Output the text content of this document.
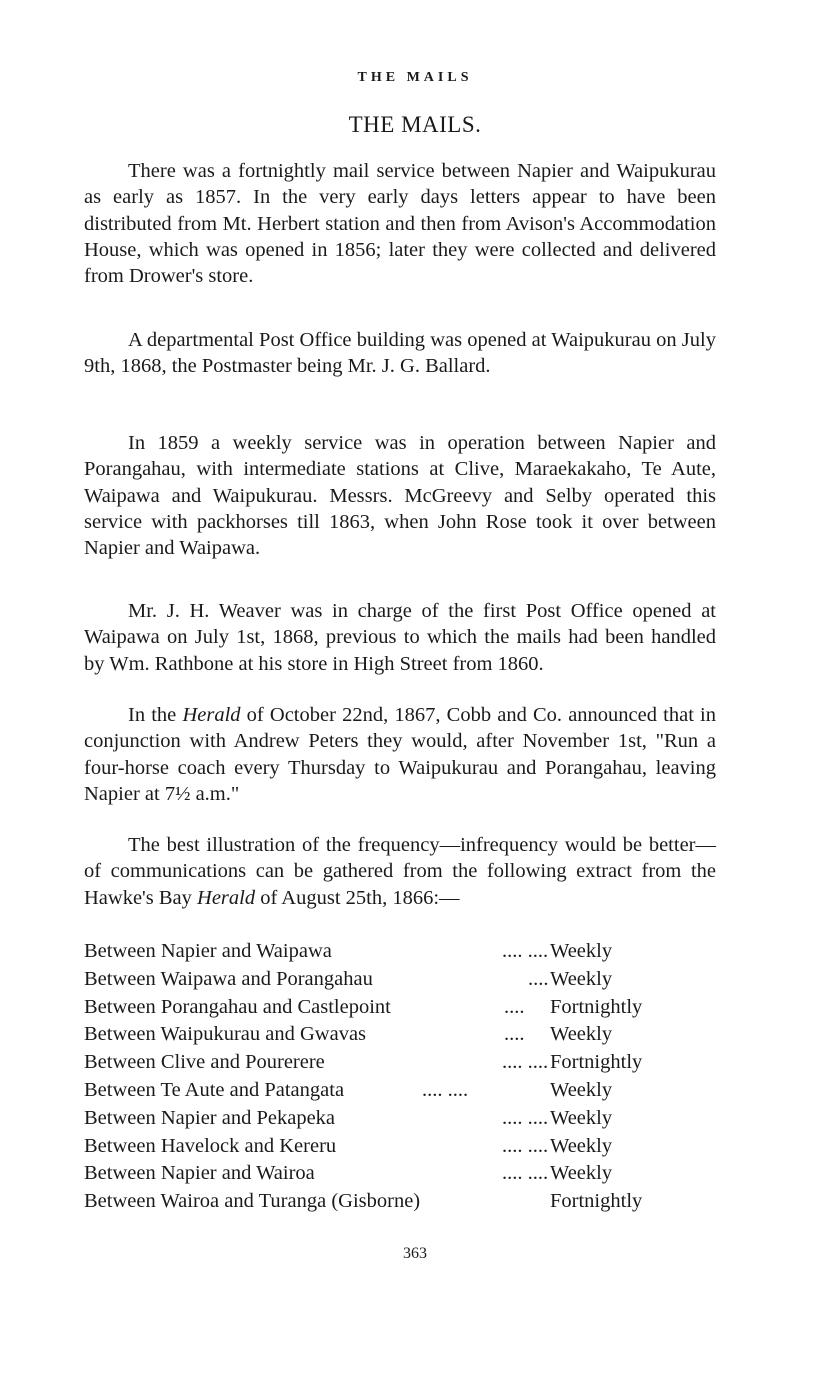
THE MAILS
THE MAILS.

There was a fortnightly mail service between Napier and Waipukurau as early as 1857. In the very early days letters appear to have been distributed from Mt. Herbert station and then from Avison's Accommodation House, which was opened in 1856; later they were collected and delivered from Drower's store.

A departmental Post Office building was opened at Waipukurau on July 9th, 1868, the Postmaster being Mr. J. G. Ballard.

In 1859 a weekly service was in operation between Napier and Porangahau, with intermediate stations at Clive, Maraekakaho, Te Aute, Waipawa and Waipukurau. Messrs. McGreevy and Selby operated this service with packhorses till 1863, when John Rose took it over between Napier and Waipawa.

Mr. J. H. Weaver was in charge of the first Post Office opened at Waipawa on July 1st, 1868, previous to which the mails had been handled by Wm. Rathbone at his store in High Street from 1860.

In the Herald of October 22nd, 1867, Cobb and Co. announced that in conjunction with Andrew Peters they would, after November 1st, "Run a four-horse coach every Thursday to Waipukurau and Porangahau, leaving Napier at 7½ a.m."

The best illustration of the frequency—infrequency would be better—of communications can be gathered from the following extract from the Hawke's Bay Herald of August 25th, 1866:—

Between Napier and Waipawa	.... .... Weekly
Between Waipawa and Porangahau	.... Weekly
Between Porangahau and Castlepoint	.... Fortnightly
Between Waipukurau and Gwavas	.... Weekly
Between Clive and Pourerere	.... .... Fortnightly
Between Te Aute and Patangata	.... ....	Weekly
Between Napier and Pekapeka	.... .... Weekly
Between Havelock and Kereru	.... .... Weekly
Between Napier and Wairoa	.... .... Weekly
Between Wairoa and Turanga (Gisborne)	Fortnightly
363
